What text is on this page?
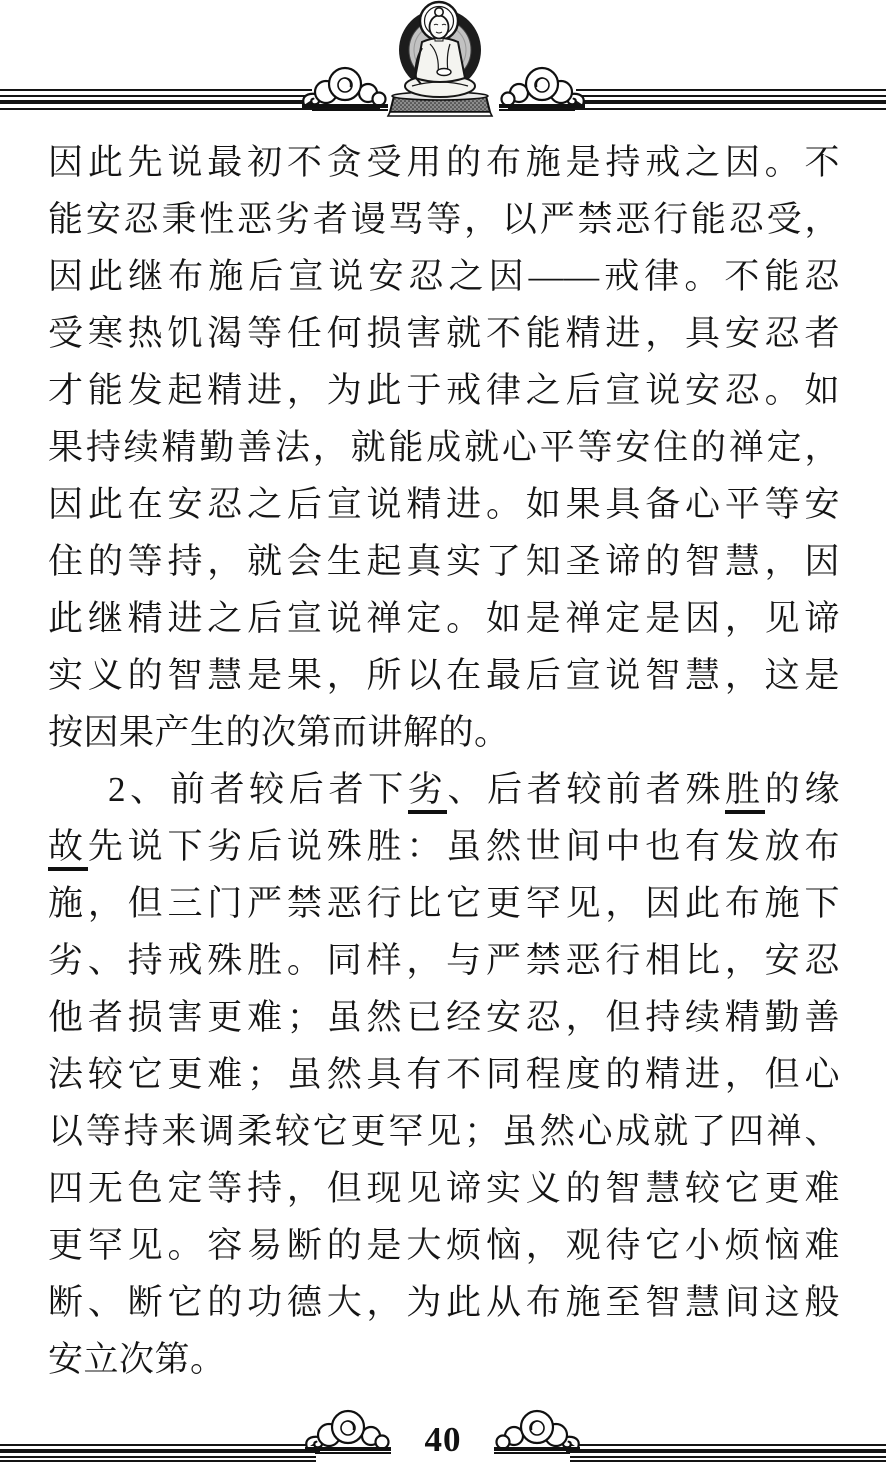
因此先说最初不贪受用的布施是持戒之因。不
能安忍秉性恶劣者谩骂等，以严禁恶行能忍受，
因此继布施后宣说安忍之因——戒律。不能忍
受寒热饥渴等任何损害就不能精进，具安忍者
才能发起精进，为此于戒律之后宣说安忍。如
果持续精勤善法，就能成就心平等安住的禅定，
因此在安忍之后宣说精进。如果具备心平等安
住的等持，就会生起真实了知圣谛的智慧，因
此继精进之后宣说禅定。如是禅定是因，见谛
实义的智慧是果，所以在最后宣说智慧，这是
按因果产生的次第而讲解的。
2、前者较后者下劣、后者较前者殊胜的缘
故先说下劣后说殊胜：虽然世间中也有发放布
施，但三门严禁恶行比它更罕见，因此布施下
劣、持戒殊胜。同样，与严禁恶行相比，安忍
他者损害更难；虽然已经安忍，但持续精勤善
法较它更难；虽然具有不同程度的精进，但心
以等持来调柔较它更罕见；虽然心成就了四禅、
四无色定等持，但现见谛实义的智慧较它更难
更罕见。容易断的是大烦恼，观待它小烦恼难
断、断它的功德大，为此从布施至智慧间这般
安立次第。
40
